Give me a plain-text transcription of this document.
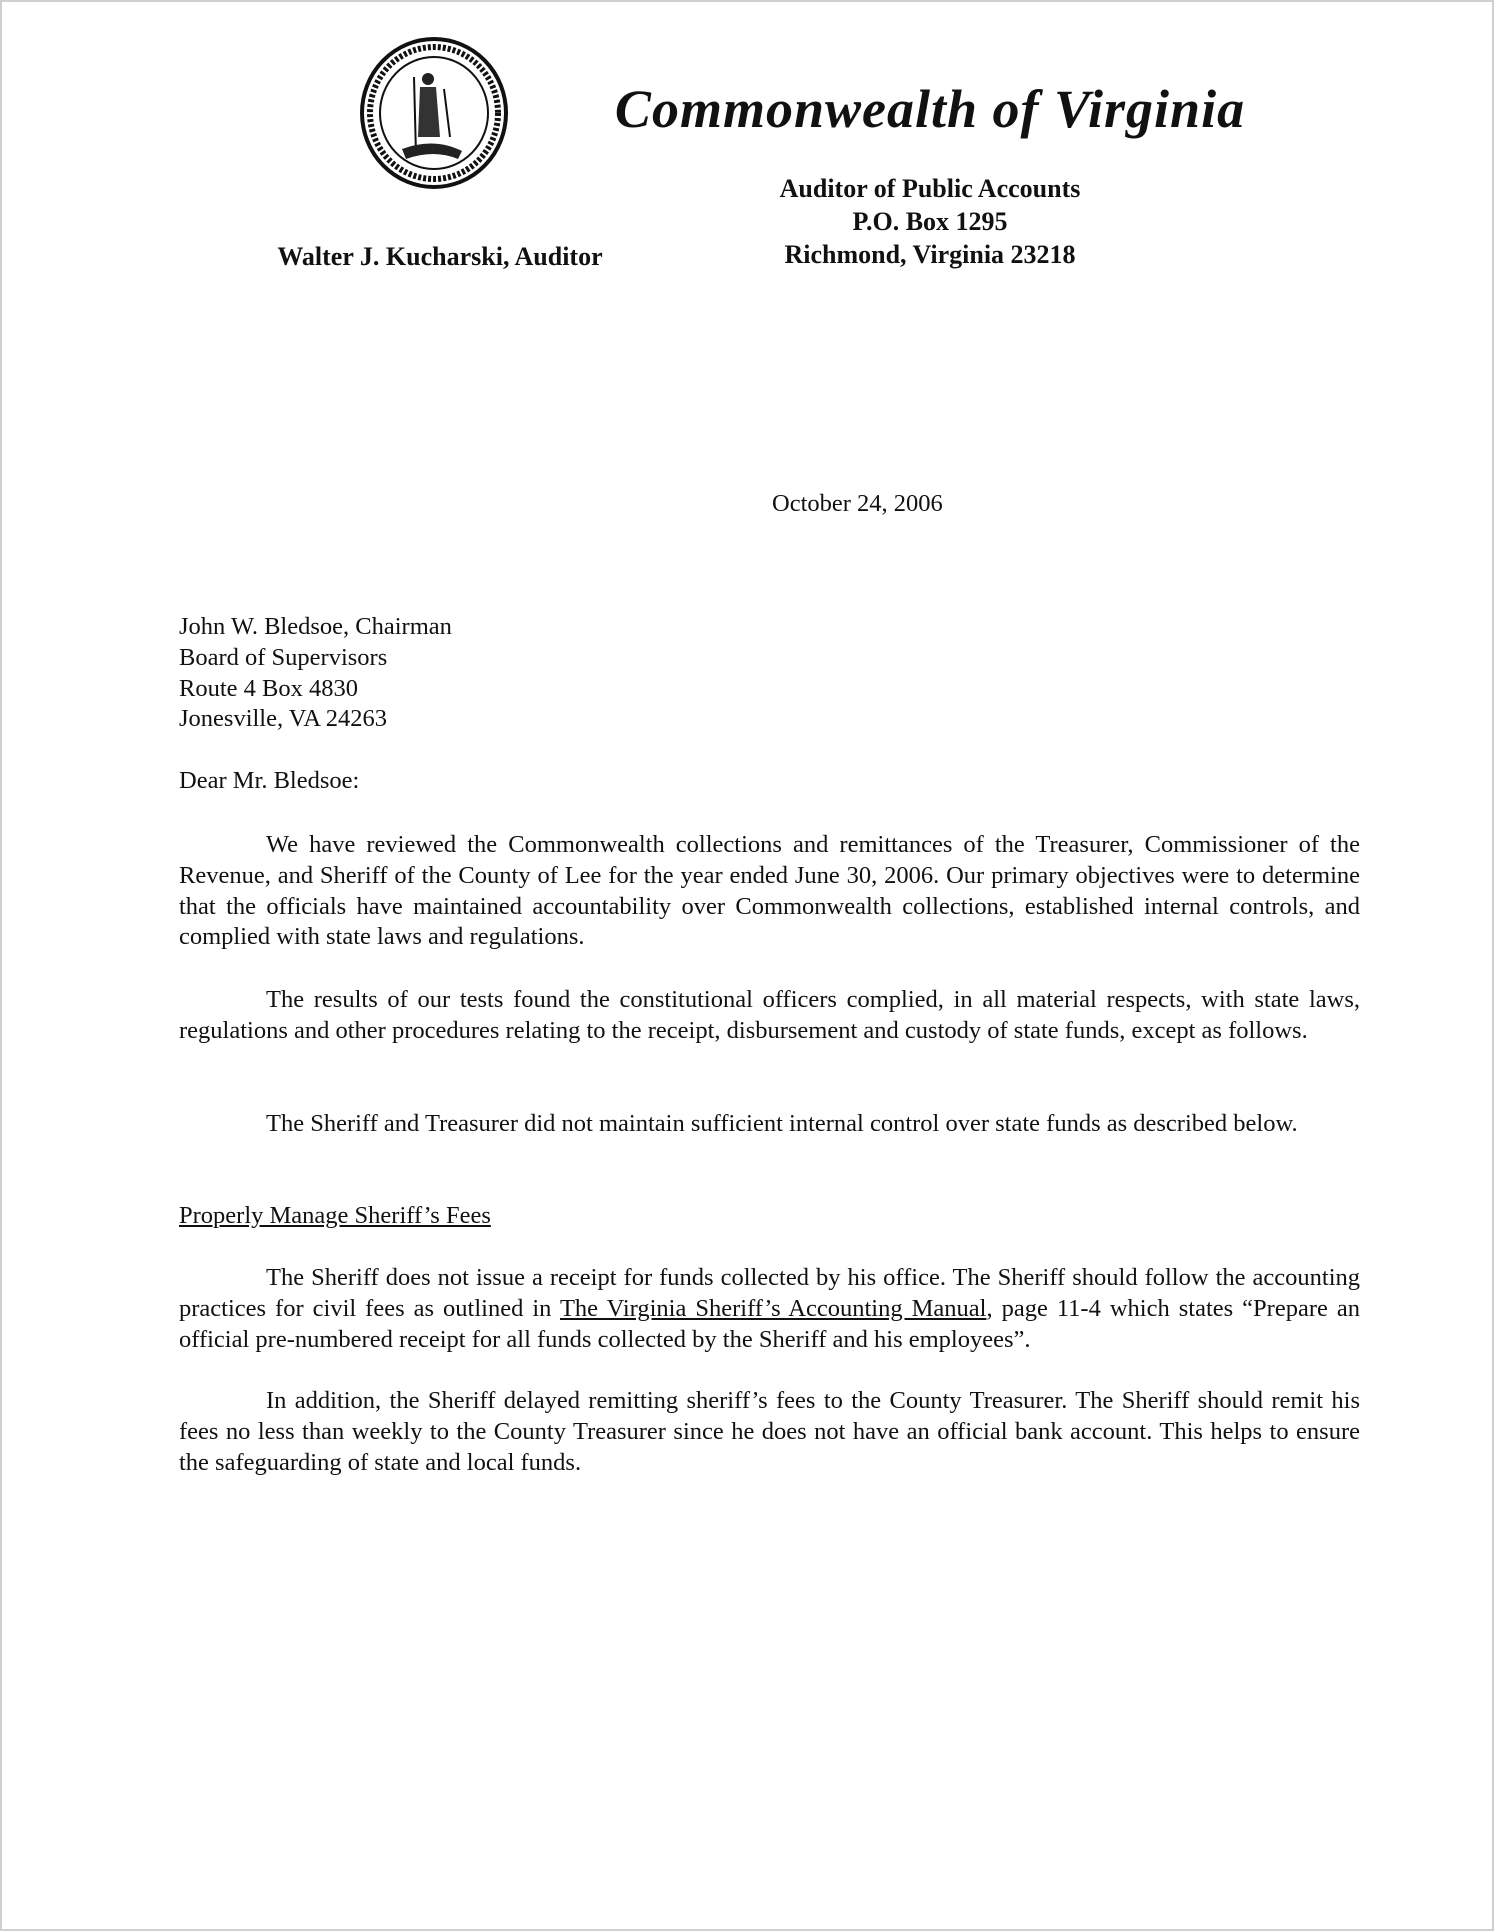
Commonwealth of Virginia
Auditor of Public Accounts
P.O. Box 1295
Richmond, Virginia 23218
Walter J. Kucharski, Auditor
October 24, 2006
John W. Bledsoe, Chairman
Board of Supervisors
Route 4 Box 4830
Jonesville, VA 24263
Dear Mr. Bledsoe:
We have reviewed the Commonwealth collections and remittances of the Treasurer, Commissioner of the Revenue, and Sheriff of the County of Lee for the year ended June 30, 2006. Our primary objectives were to determine that the officials have maintained accountability over Commonwealth collections, established internal controls, and complied with state laws and regulations.
The results of our tests found the constitutional officers complied, in all material respects, with state laws, regulations and other procedures relating to the receipt, disbursement and custody of state funds, except as follows.
The Sheriff and Treasurer did not maintain sufficient internal control over state funds as described below.
Properly Manage Sheriff’s Fees
The Sheriff does not issue a receipt for funds collected by his office. The Sheriff should follow the accounting practices for civil fees as outlined in The Virginia Sheriff’s Accounting Manual, page 11-4 which states “Prepare an official pre-numbered receipt for all funds collected by the Sheriff and his employees”.
In addition, the Sheriff delayed remitting sheriff’s fees to the County Treasurer. The Sheriff should remit his fees no less than weekly to the County Treasurer since he does not have an official bank account. This helps to ensure the safeguarding of state and local funds.
